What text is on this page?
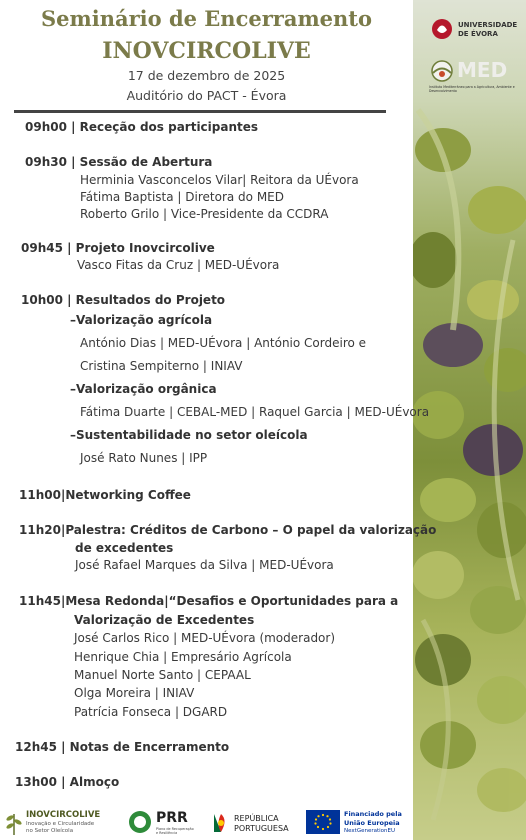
UNIVERSIDADE
DE ÉVORA
MED
Instituto Mediterrâneo para a Agricultura, Ambiente e Desenvolvimento
Seminário de Encerramento
INOVCIRCOLIVE
17 de dezembro de 2025
Auditório do PACT - Évora
09h00 | Receção dos participantes
09h30 | Sessão de Abertura
Herminia Vasconcelos Vilar| Reitora da UÉvora
Fátima Baptista | Diretora do MED
Roberto Grilo | Vice-Presidente da CCDRA
09h45 | Projeto Inovcircolive
Vasco Fitas da Cruz | MED-UÉvora
10h00 | Resultados do Projeto
–Valorização agrícola
António Dias | MED-UÉvora | António Cordeiro e
Cristina Sempiterno | INIAV
–Valorização orgânica
Fátima Duarte | CEBAL-MED | Raquel Garcia | MED-UÉvora
–Sustentabilidade no setor oleícola
José Rato Nunes | IPP
11h00|Networking Coffee
11h20|Palestra: Créditos de Carbono – O papel da valorização
de excedentes
José Rafael Marques da Silva | MED-UÉvora
11h45|Mesa Redonda|“Desafios e Oportunidades para a
Valorização de Excedentes
José Carlos Rico | MED-UÉvora (moderador)
Henrique Chia | Empresário Agrícola
Manuel Norte Santo | CEPAAL
Olga Moreira | INIAV
Patrícia Fonseca | DGARD
12h45 | Notas de Encerramento
13h00 | Almoço
INOVCIRCOLIVE
Inovação e Circularidade
no Setor Oleícola
PRR
Plano de Recuperação e Resiliência
REPÚBLICA
PORTUGUESA
Financiado pela
União Europeia
NextGenerationEU
